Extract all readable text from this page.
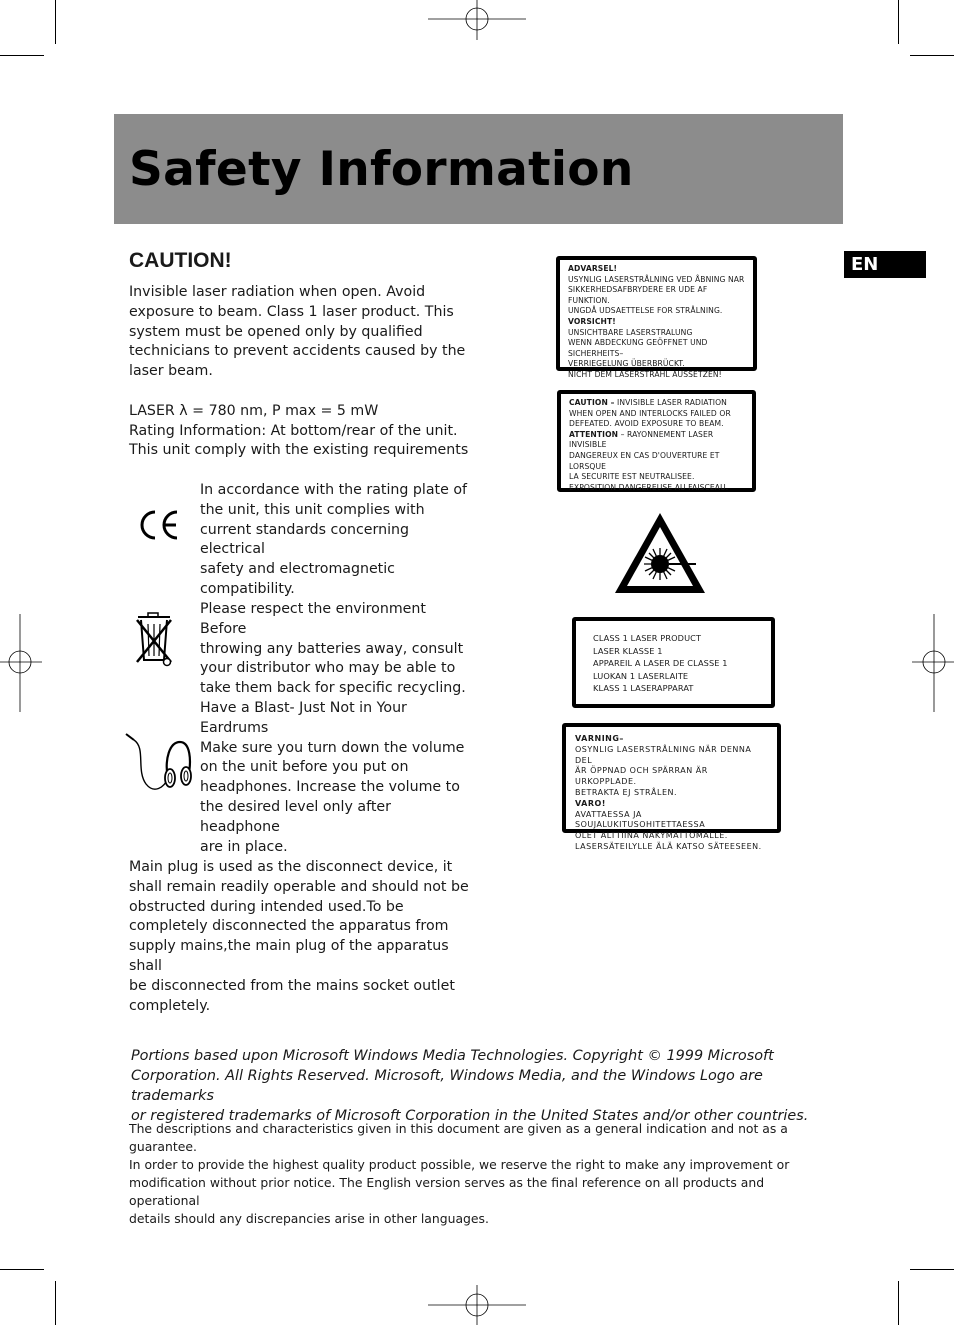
Safety Information
EN
CAUTION!
Invisible laser radiation when open. Avoid
exposure to beam. Class 1 laser product. This
system must be opened only by qualified
technicians to prevent accidents caused by the
laser beam.

LASER λ = 780 nm, P max = 5 mW
Rating Information: At bottom/rear of the unit.
This unit comply with the existing requirements
In accordance with the rating plate of
the unit, this unit complies with
current standards concerning electrical
safety and electromagnetic
compatibility.
Please respect the environment Before
throwing any batteries away, consult
your distributor who may be able to
take them back for specific recycling.
Have a Blast- Just Not in Your
Eardrums
Make sure you turn down the volume
on the unit before you put on
headphones. Increase the volume to
the desired level only after headphone
are in place.
Main plug is used as the disconnect device, it
shall remain readily operable and should not be
obstructed during intended used.To be
completely disconnected the apparatus from
supply mains,the main plug of the apparatus shall
be disconnected from the mains socket outlet
completely.
ADVARSEL!
USYNLIG LASERSTRÅLNING VED ÅBNING NAR
SIKKERHEDSAFBRYDERE ER UDE AF FUNKTION.
UNGDÅ UDSAETTELSE FOR STRÅLNING.
VORSICHT!
UNSICHTBARE LASERSTRALUNG
WENN ABDECKUNG GEÖFFNET UND SICHERHEITS–
VERRIEGELUNG ÜBERBRÜCKT.
NICHT DEM LASERSTRAHL AUSSETZEN!
CAUTION – INVISIBLE LASER RADIATION
WHEN OPEN AND INTERLOCKS FAILED OR
DEFEATED. AVOID EXPOSURE TO BEAM.
ATTENTION – RAYONNEMENT LASER INVISIBLE
DANGEREUX EN CAS D'OUVERTURE ET LORSQUE
LA SECURITE EST NEUTRALISEE.
EXPOSITION DANGEREUSE AU FAISCEAU.
CLASS 1 LASER PRODUCT
LASER KLASSE 1
APPAREIL A LASER DE CLASSE 1
LUOKAN 1 LASERLAITE
KLASS 1 LASERAPPARAT
VARNING–
OSYNLIG LASERSTRÅLNING NÄR DENNA DEL
ÄR ÖPPNAD OCH SPÄRRAN ÄR URKOPPLADE.
BETRAKTA EJ STRÅLEN.
VARO!
AVATTAESSA JA SOUJALUKITUSOHITETTAESSA
OLET ALTTIINA NÄKYMÄTTÖMÄLLE.
LASERSÄTEILYLLE ÄLÄ KATSO SÄTEESEEN.
Portions based upon Microsoft Windows Media Technologies. Copyright © 1999 Microsoft
Corporation. All Rights Reserved. Microsoft, Windows Media, and the Windows Logo are trademarks
or registered trademarks of Microsoft Corporation in the United States and/or other countries.
The descriptions and characteristics given in this document are given as a general indication and not as a guarantee.
In order to provide the highest quality product possible, we reserve the right to make any improvement or
modification without prior notice. The English version serves as the final reference on all products and operational
details should any discrepancies arise in other languages.
